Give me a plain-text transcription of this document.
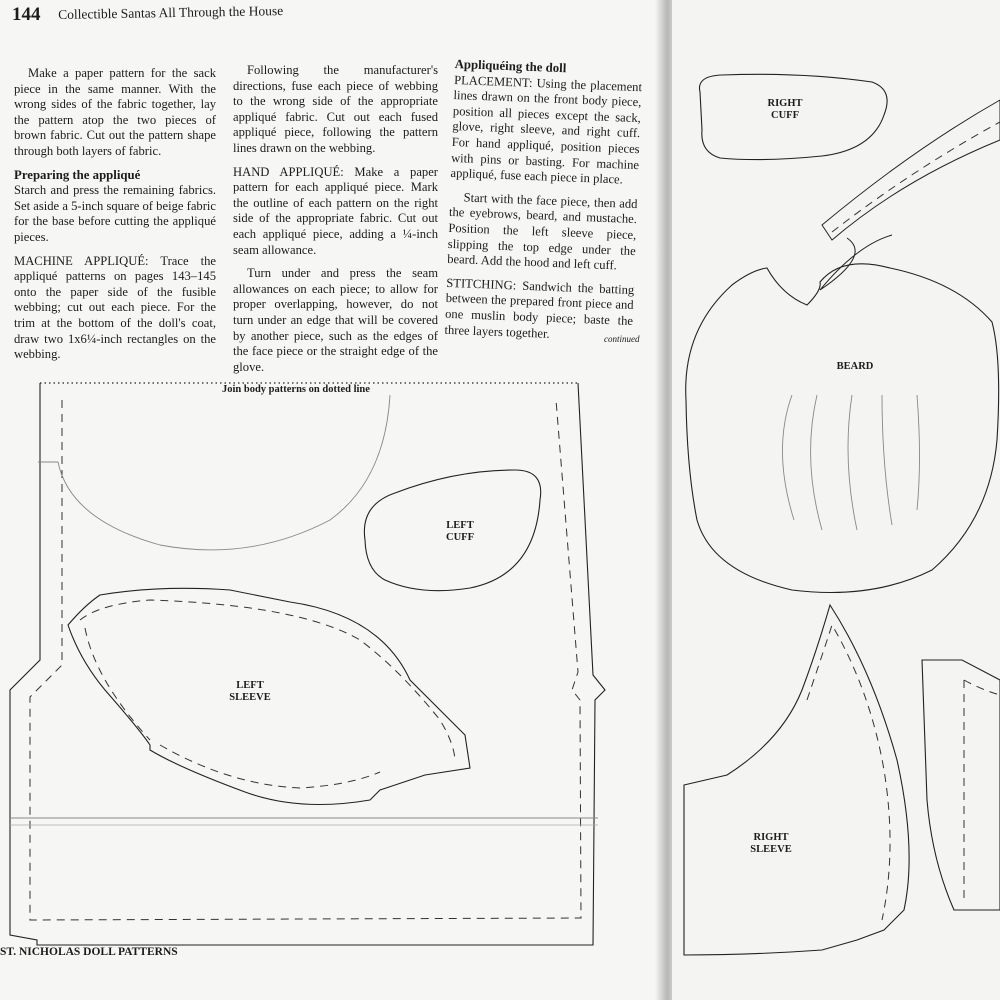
144 Collectible Santas All Through the House

Make a paper pattern for the sack piece in the same manner. With the wrong sides of the fabric together, lay the pattern atop the two pieces of brown fabric. Cut out the pattern shape through both layers of fabric.

Preparing the appliqué

Starch and press the remaining fabrics. Set aside a 5-inch square of beige fabric for the base before cutting the appliqué pieces.

MACHINE APPLIQUÉ: Trace the appliqué patterns on pages 143–145 onto the paper side of the fusible webbing; cut out each piece. For the trim at the bottom of the doll's coat, draw two 1x6¼-inch rectangles on the webbing.

Following the manufacturer's directions, fuse each piece of webbing to the wrong side of the appropriate appliqué fabric. Cut out each fused appliqué piece, following the pattern lines drawn on the webbing.

HAND APPLIQUÉ: Make a paper pattern for each appliqué piece. Mark the outline of each pattern on the right side of the appropriate fabric. Cut out each appliqué piece, adding a ¼-inch seam allowance.

Turn under and press the seam allowances on each piece; to allow for proper overlapping, however, do not turn under an edge that will be covered by another piece, such as the edges of the face piece or the straight edge of the glove.

Appliquéing the doll

PLACEMENT: Using the placement lines drawn on the front body piece, position all pieces except the sack, glove, right sleeve, and right cuff. For hand appliqué, position pieces with pins or basting. For machine appliqué, fuse each piece in place.

Start with the face piece, then add the eyebrows, beard, and mustache. Position the left sleeve piece, slipping the top edge under the beard. Add the hood and left cuff.

STITCHING: Sandwich the batting between the prepared front piece and one muslin body piece; baste the three layers together.	continued
Join body patterns on dotted line
LEFT
CUFF
LEFT
SLEEVE
ST. NICHOLAS DOLL PATTERNS
RIGHT
CUFF
BEARD
RIGHT
SLEEVE
